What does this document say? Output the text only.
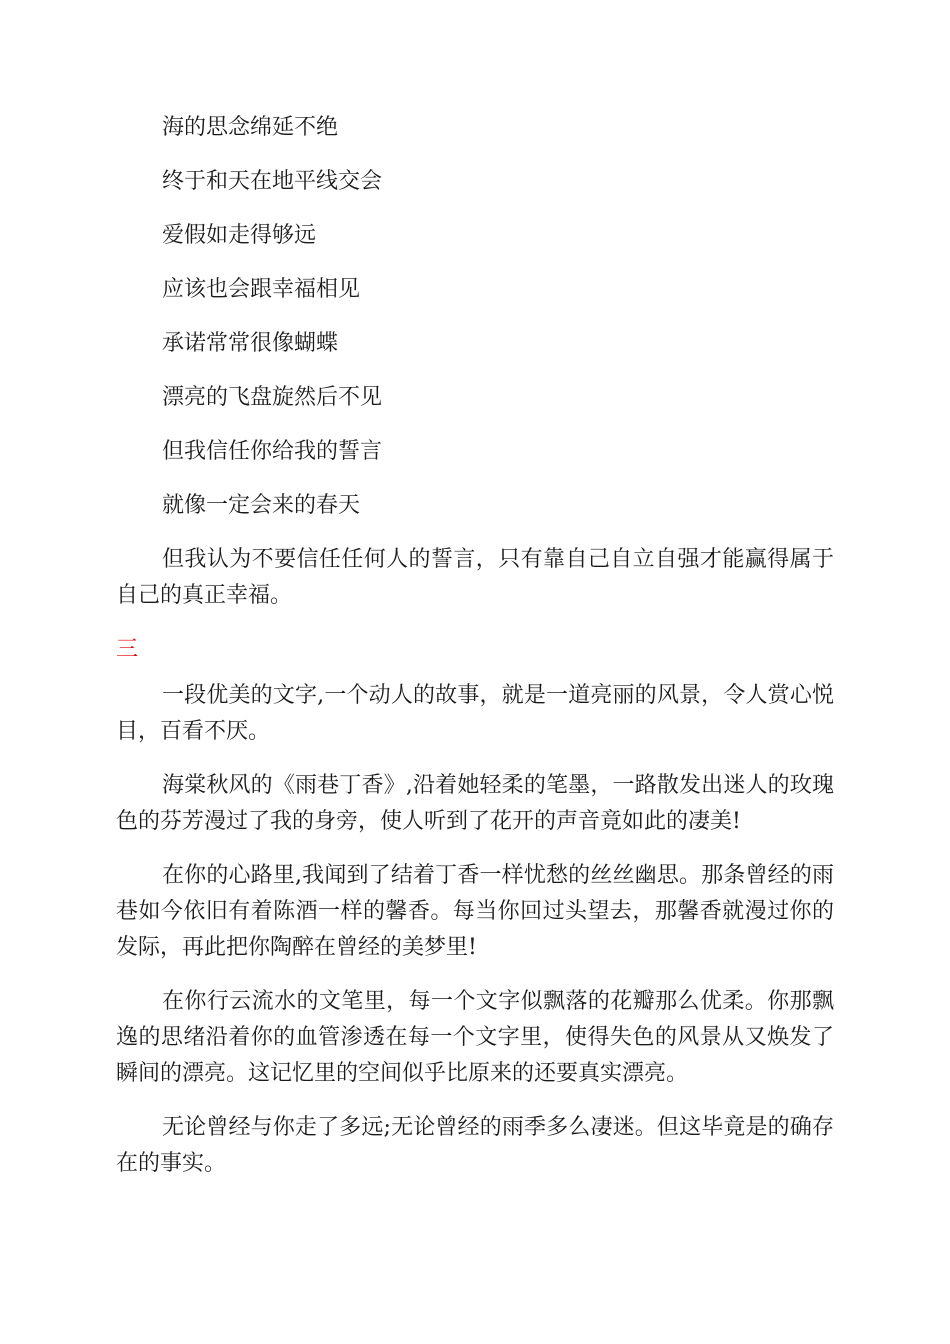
海的思念绵延不绝

终于和天在地平线交会

爱假如走得够远

应该也会跟幸福相见

承诺常常很像蝴蝶

漂亮的飞盘旋然后不见

但我信任你给我的誓言

就像一定会来的春天

但我认为不要信任任何人的誓言，只有靠自己自立自强才能赢得属于自己的真正幸福。

三

一段优美的文字,一个动人的故事，就是一道亮丽的风景，令人赏心悦目，百看不厌。

海棠秋风的《雨巷丁香》,沿着她轻柔的笔墨，一路散发出迷人的玫瑰色的芬芳漫过了我的身旁，使人听到了花开的声音竟如此的凄美!

在你的心路里,我闻到了结着丁香一样忧愁的丝丝幽思。那条曾经的雨巷如今依旧有着陈酒一样的馨香。每当你回过头望去，那馨香就漫过你的发际，再此把你陶醉在曾经的美梦里!

在你行云流水的文笔里，每一个文字似飘落的花瓣那么优柔。你那飘逸的思绪沿着你的血管渗透在每一个文字里，使得失色的风景从又焕发了瞬间的漂亮。这记忆里的空间似乎比原来的还要真实漂亮。

无论曾经与你走了多远;无论曾经的雨季多么凄迷。但这毕竟是的确存在的事实。
